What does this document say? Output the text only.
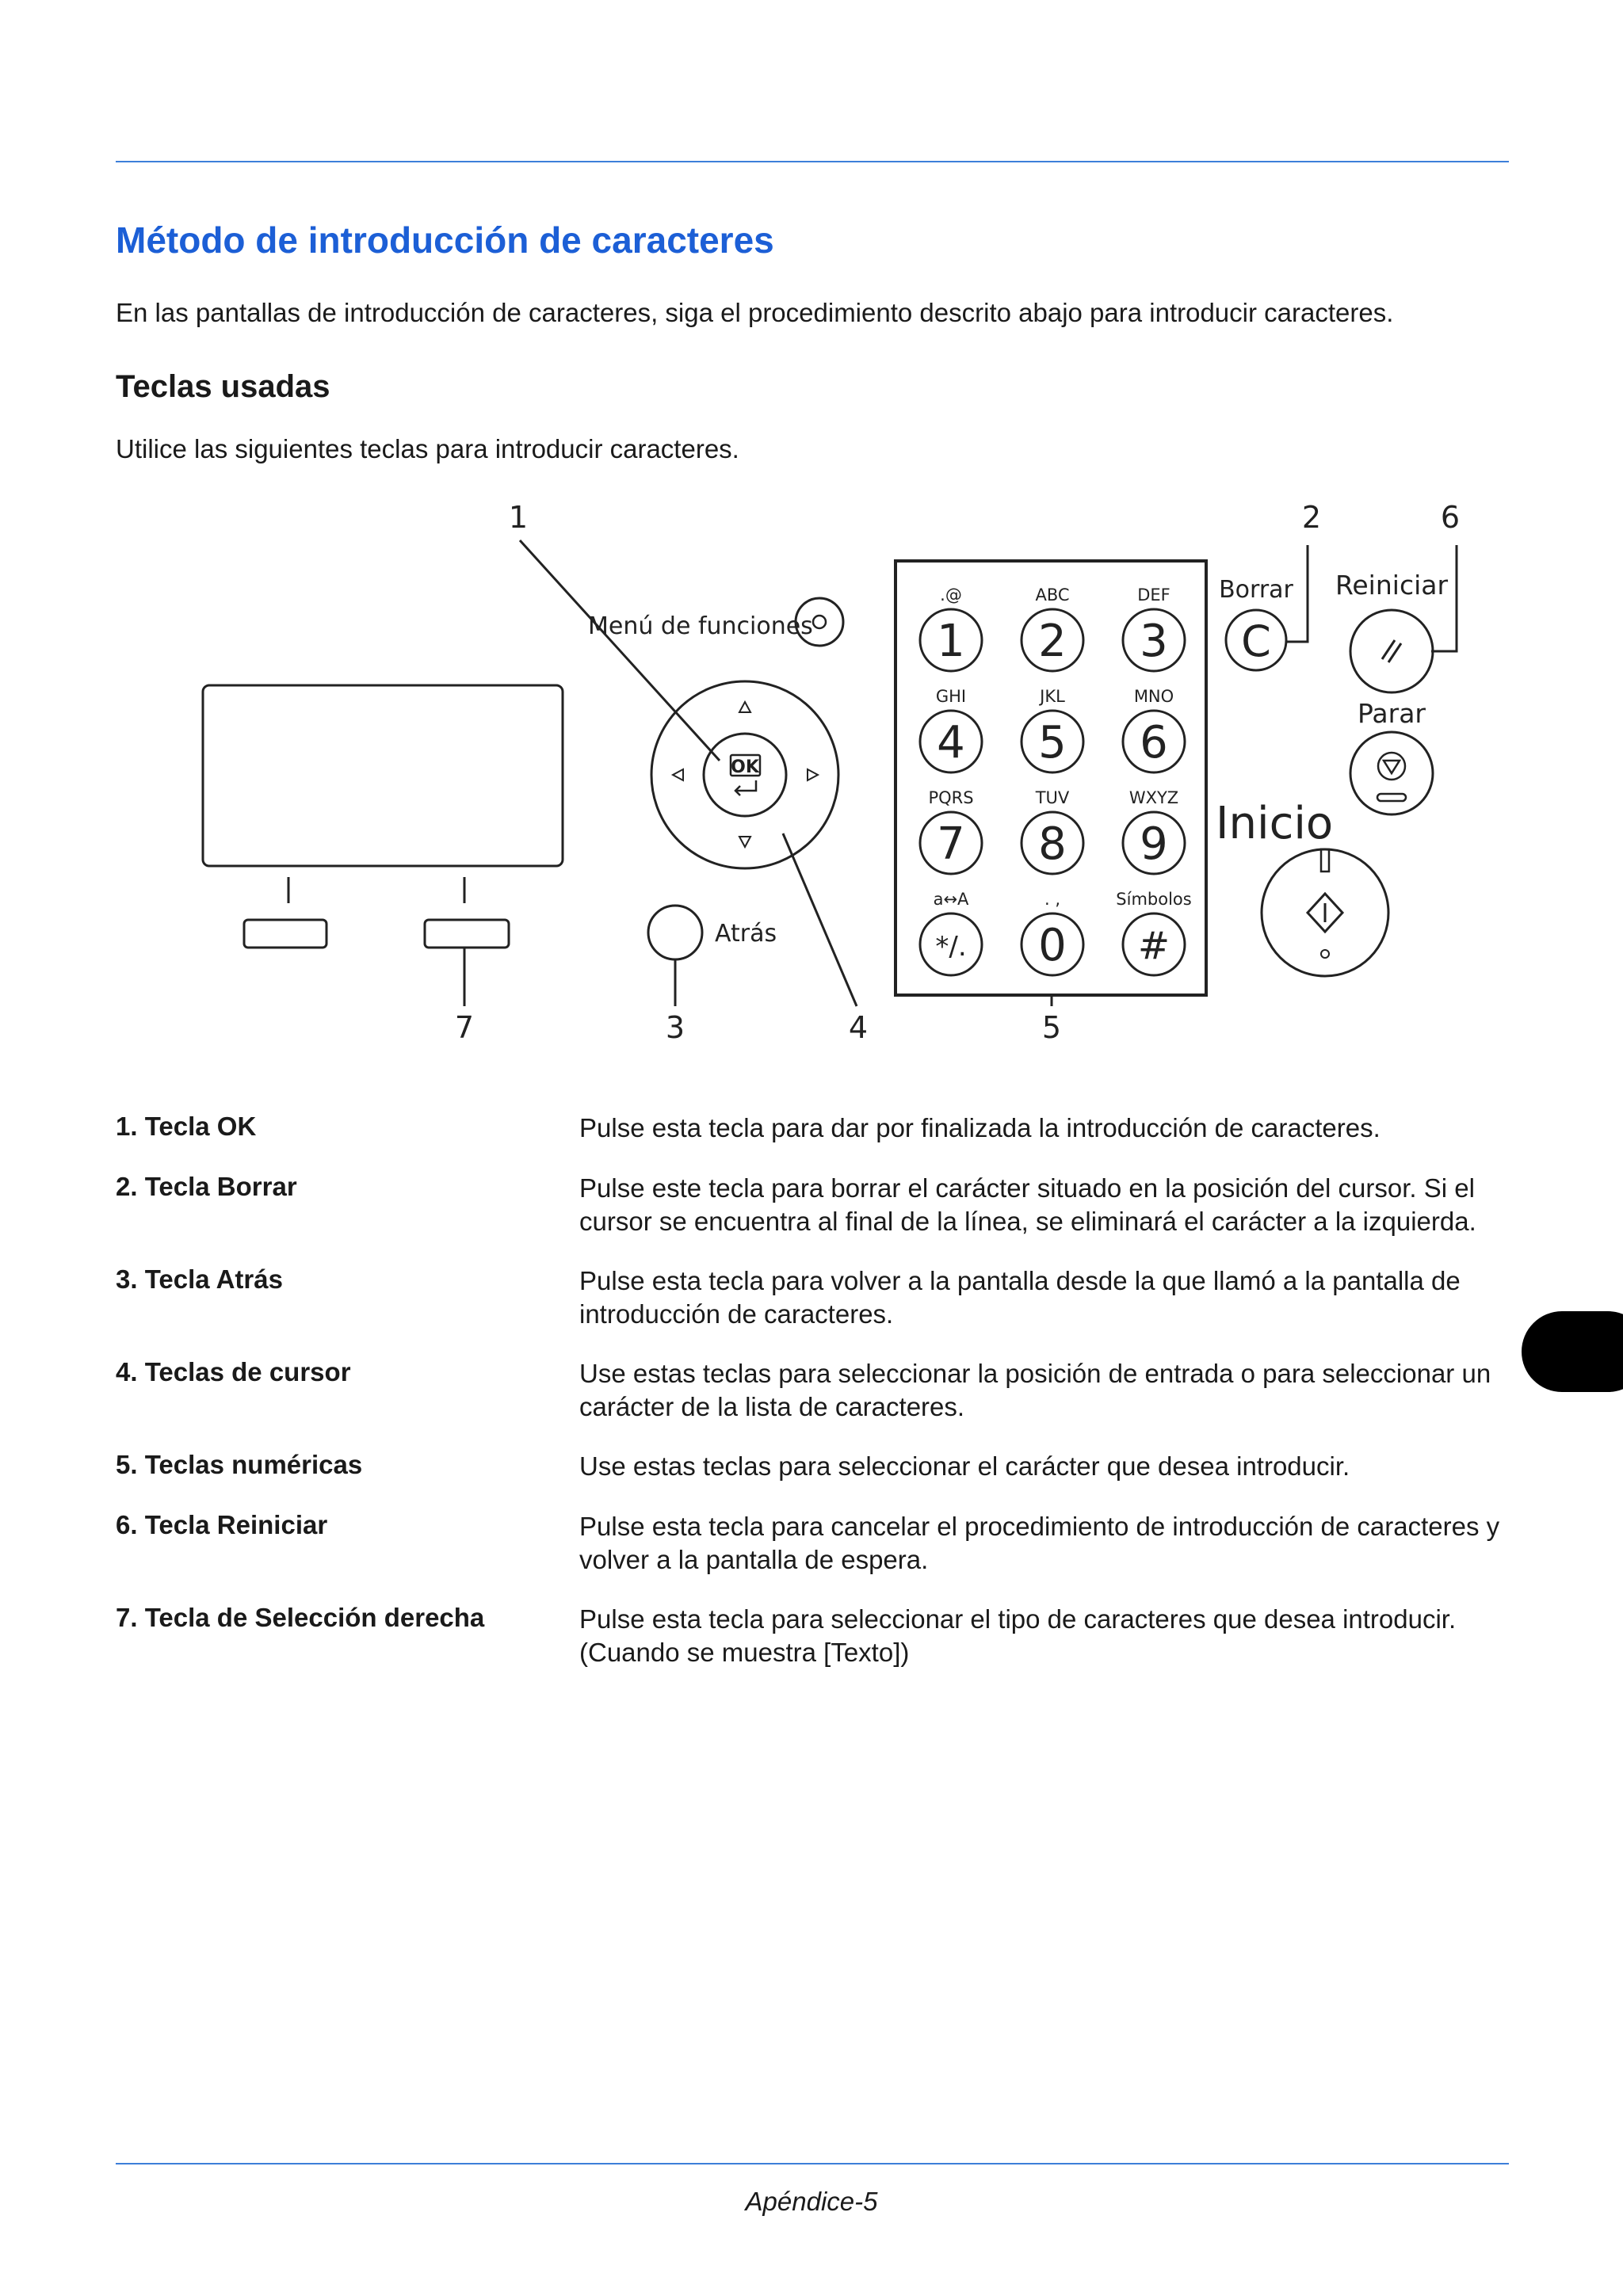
Método de introducción de caracteres
En las pantallas de introducción de caracteres, siga el procedimiento descrito abajo para introducir caracteres.
Teclas usadas
Utilice las siguientes teclas para introducir caracteres.
1	2	6
7	3	4	5
Menú de funciones
OK
Atrás
.@	ABC	DEF
GHI	JKL	MNO
PQRS	TUV	WXYZ
a↔A	. ,	Símbolos
1 2 3
4 5 6
7 8 9
*/. 0 #
Borrar
C
Reiniciar
Parar
Inicio
1. Tecla OK	Pulse esta tecla para dar por finalizada la introducción de caracteres.
2. Tecla Borrar	Pulse este tecla para borrar el carácter situado en la posición del cursor. Si el cursor se encuentra al final de la línea, se eliminará el carácter a la izquierda.
3. Tecla Atrás	Pulse esta tecla para volver a la pantalla desde la que llamó a la pantalla de introducción de caracteres.
4. Teclas de cursor	Use estas teclas para seleccionar la posición de entrada o para seleccionar un carácter de la lista de caracteres.
5. Teclas numéricas	Use estas teclas para seleccionar el carácter que desea introducir.
6. Tecla Reiniciar	Pulse esta tecla para cancelar el procedimiento de introducción de caracteres y volver a la pantalla de espera.
7. Tecla de Selección derecha	Pulse esta tecla para seleccionar el tipo de caracteres que desea introducir. (Cuando se muestra [Texto])
Apéndice-5
